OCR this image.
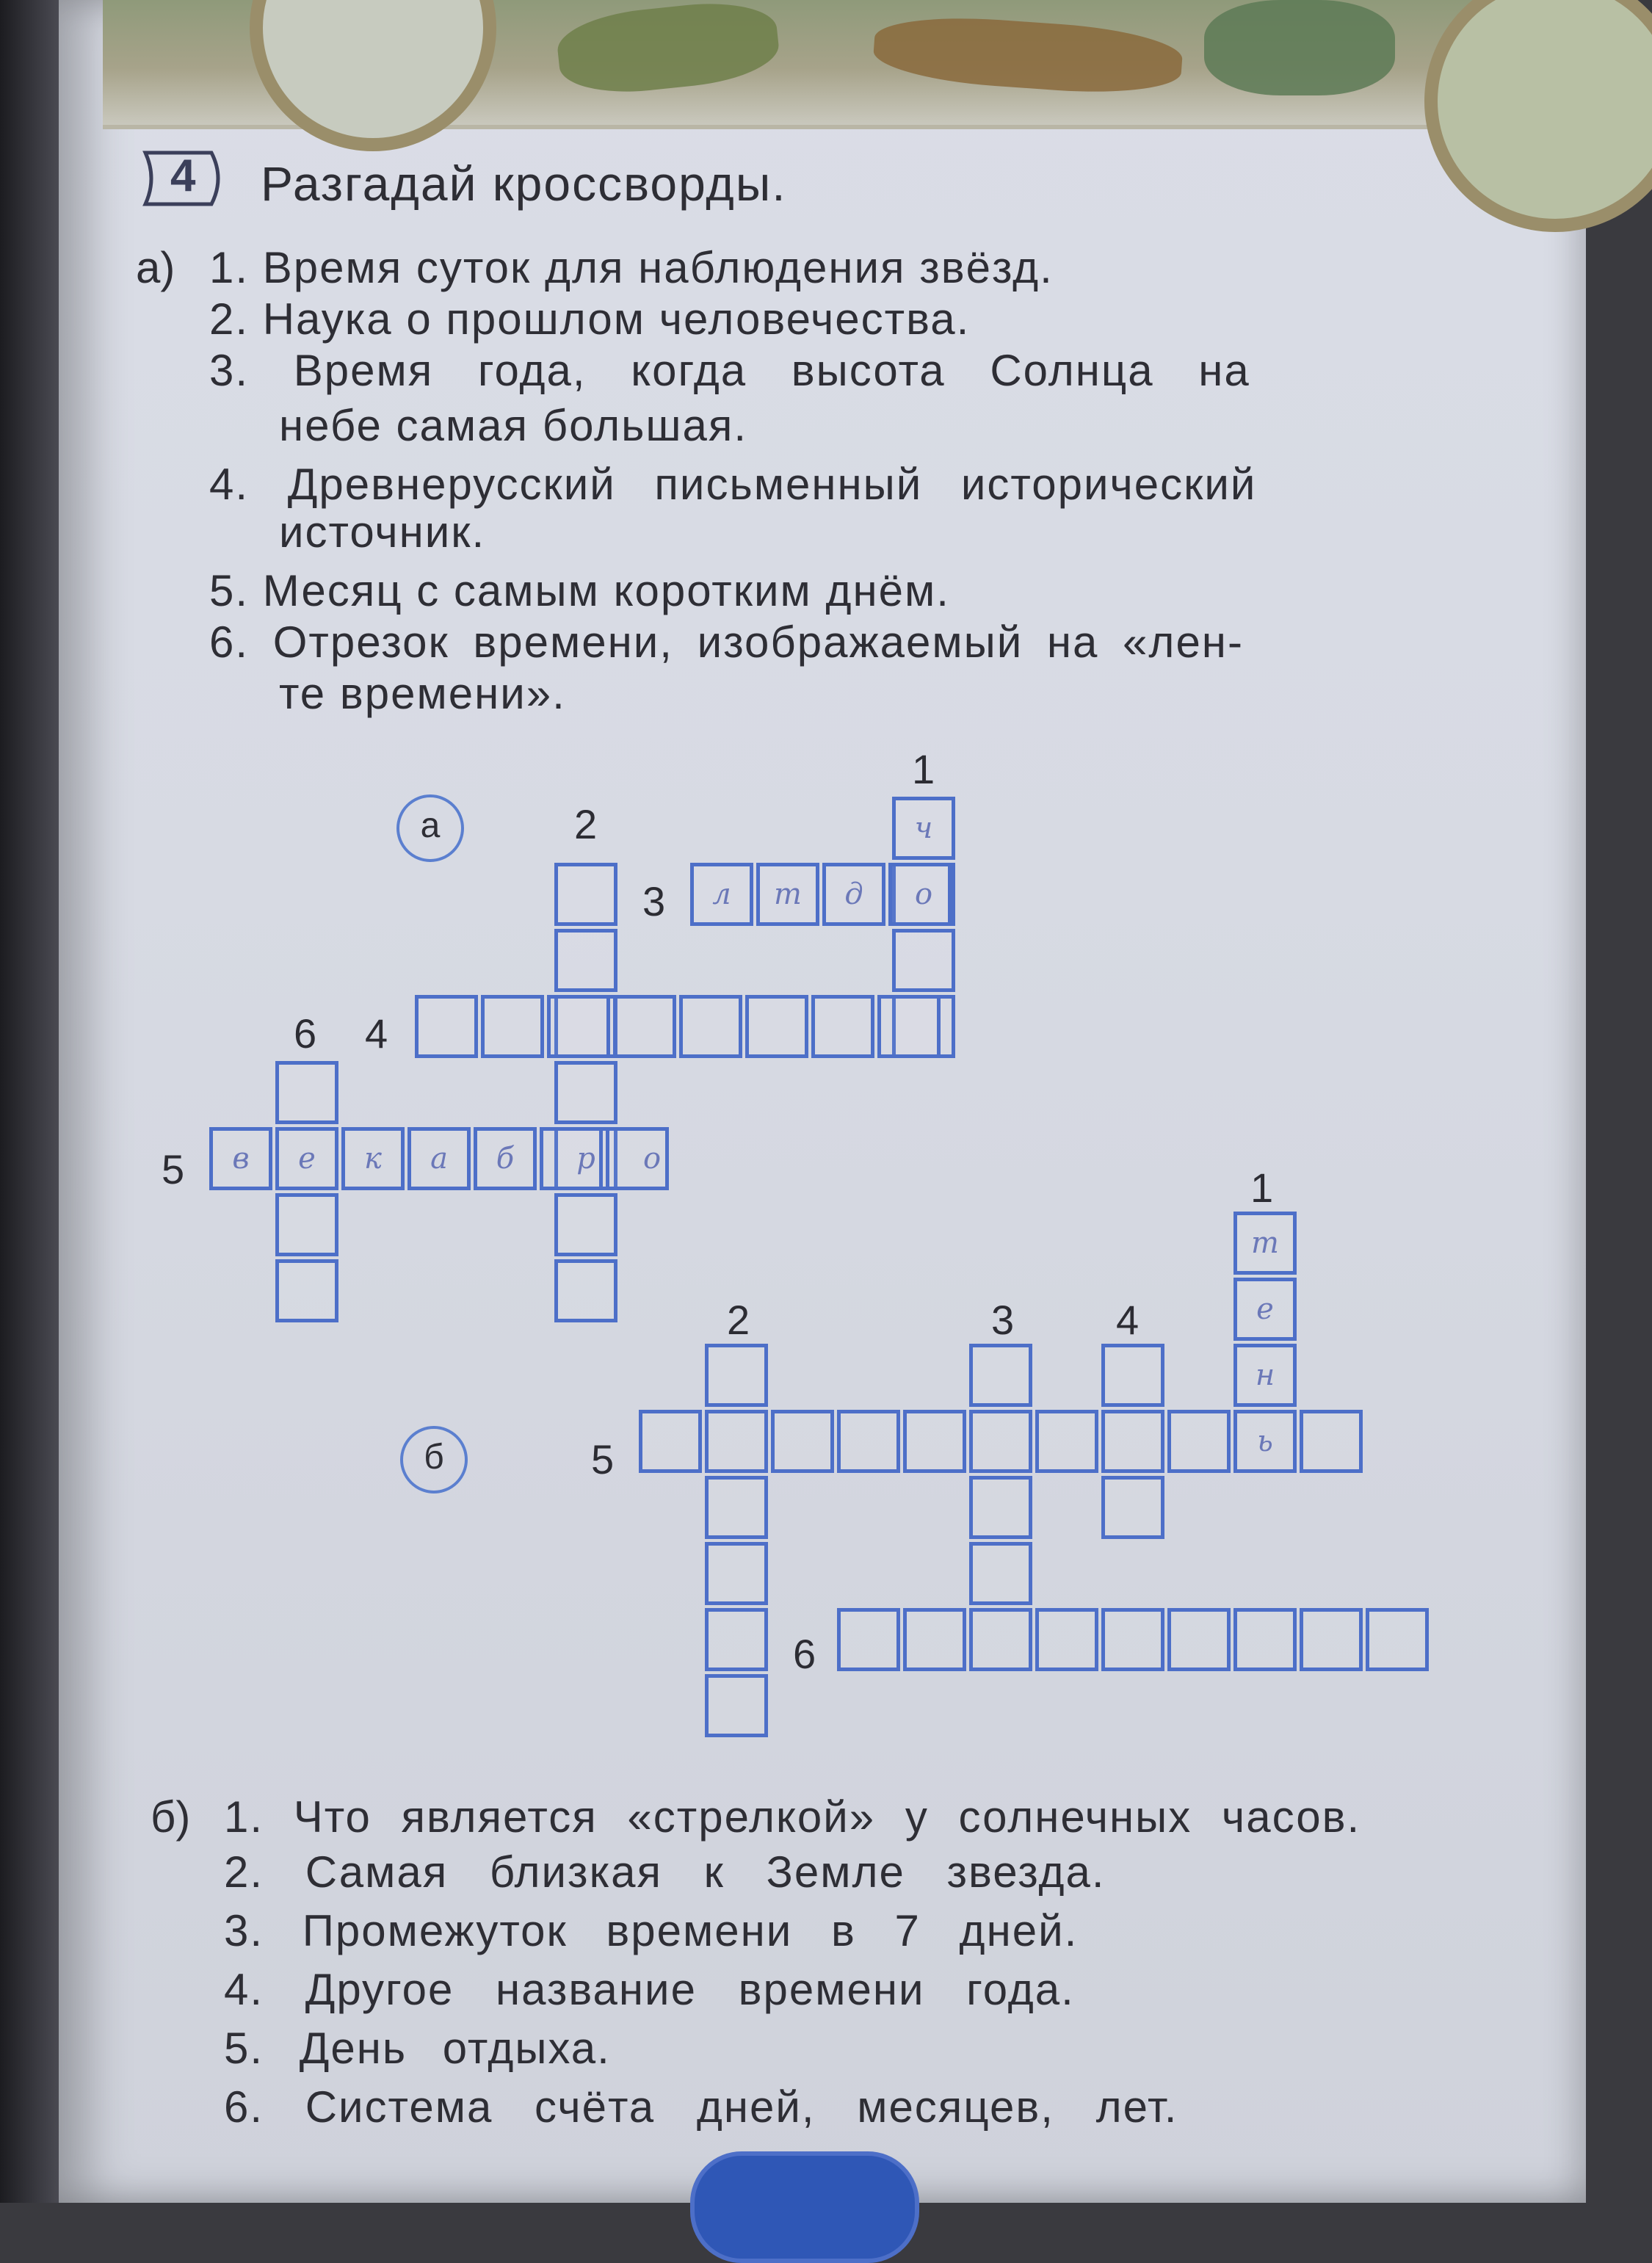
4 Разгадай кроссворды.
а) 1. Время суток для наблюдения звёзд.
2. Наука о прошлом человечества.
3. Время года, когда высота Солнца на
небе самая большая.
4. Древнерусский письменный исторический
источник.
5. Месяц с самым коротким днём.
6. Отрезок времени, изображаемый на «лен-
те времени».
а
1
2
3
6 4
5
ч
л	т	д	о
в	е	к	а	б	р	о
б
1
2	3 4
5
6
т
е
н
ь
б) 1. Что является «стрелкой» у солнечных часов.
2. Самая близкая к Земле звезда.
3. Промежуток времени в 7 дней.
4. Другое название времени года.
5. День отдыха.
6. Система счёта дней, месяцев, лет.
